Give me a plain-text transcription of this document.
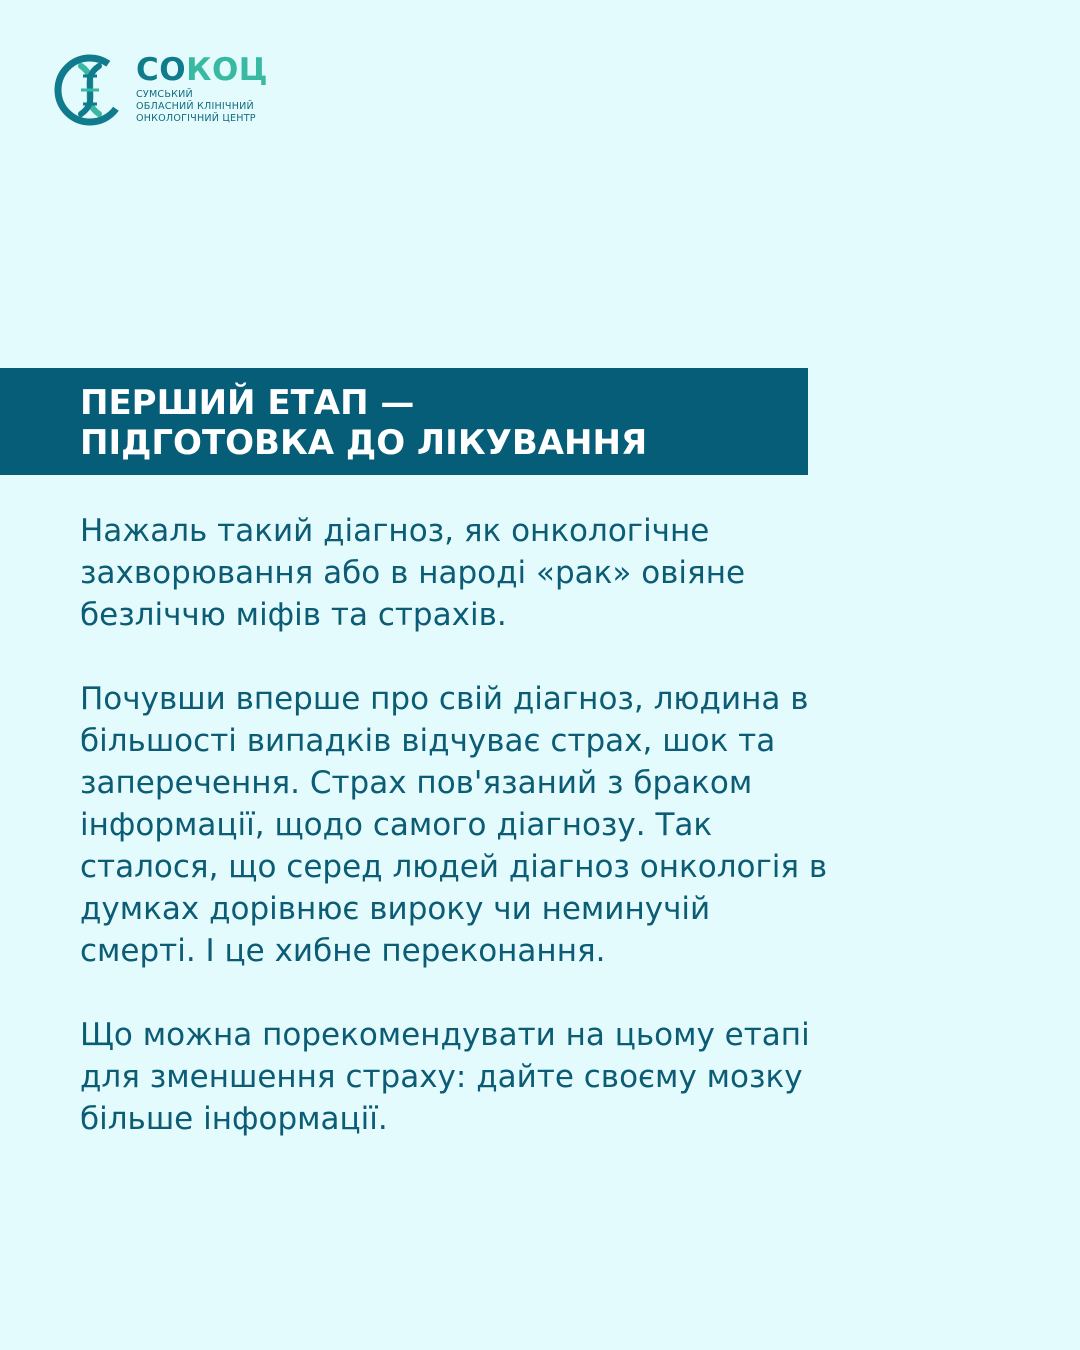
СОКОЦ
СУМСЬКИЙ
ОБЛАСНИЙ КЛІНІЧНИЙ
ОНКОЛОГІЧНИЙ ЦЕНТР
ПЕРШИЙ ЕТАП —
ПІДГОТОВКА ДО ЛІКУВАННЯ
Нажаль такий діагноз, як онкологічне
захворювання або в народі «рак» овіяне
безліччю міфів та страхів.
Почувши вперше про свій діагноз, людина в
більшості випадків відчуває страх, шок та
заперечення. Страх пов'язаний з браком
інформації, щодо самого діагнозу. Так
сталося, що серед людей діагноз онкологія в
думках дорівнює вироку чи неминучій
смерті. І це хибне переконання.
Що можна порекомендувати на цьому етапі
для зменшення страху: дайте своєму мозку
більше інформації.
